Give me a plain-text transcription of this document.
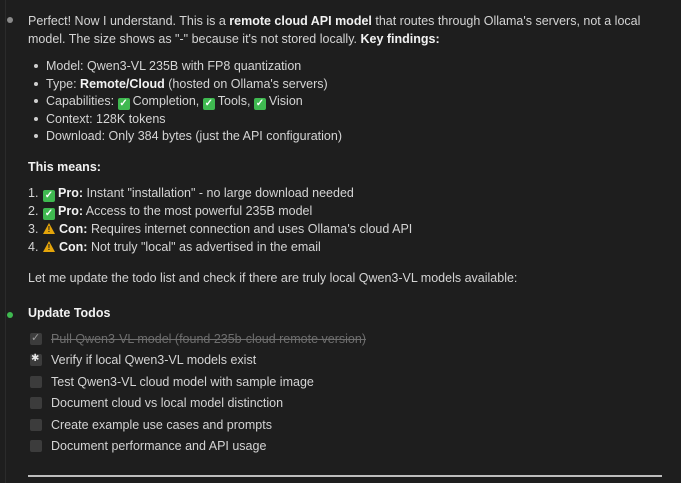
Perfect! Now I understand. This is a remote cloud API model that routes through Ollama's servers, not a local model. The size shows as "-" because it's not stored locally. Key findings:

Model: Qwen3-VL 235B with FP8 quantization
Type: Remote/Cloud (hosted on Ollama's servers)
Capabilities: ✓ Completion, ✓ Tools, ✓ Vision
Context: 128K tokens
Download: Only 384 bytes (just the API configuration)
This means:
1. ✓ Pro: Instant "installation" - no large download needed
2. ✓ Pro: Access to the most powerful 235B model
3. ! Con: Requires internet connection and uses Ollama's cloud API
4. ! Con: Not truly "local" as advertised in the email

Let me update the todo list and check if there are truly local Qwen3-VL models available:

Update Todos
✓
Pull Qwen3-VL model (found 235b-cloud remote version)
✱
Verify if local Qwen3-VL models exist
Test Qwen3-VL cloud model with sample image
Document cloud vs local model distinction
Create example use cases and prompts
Document performance and API usage
